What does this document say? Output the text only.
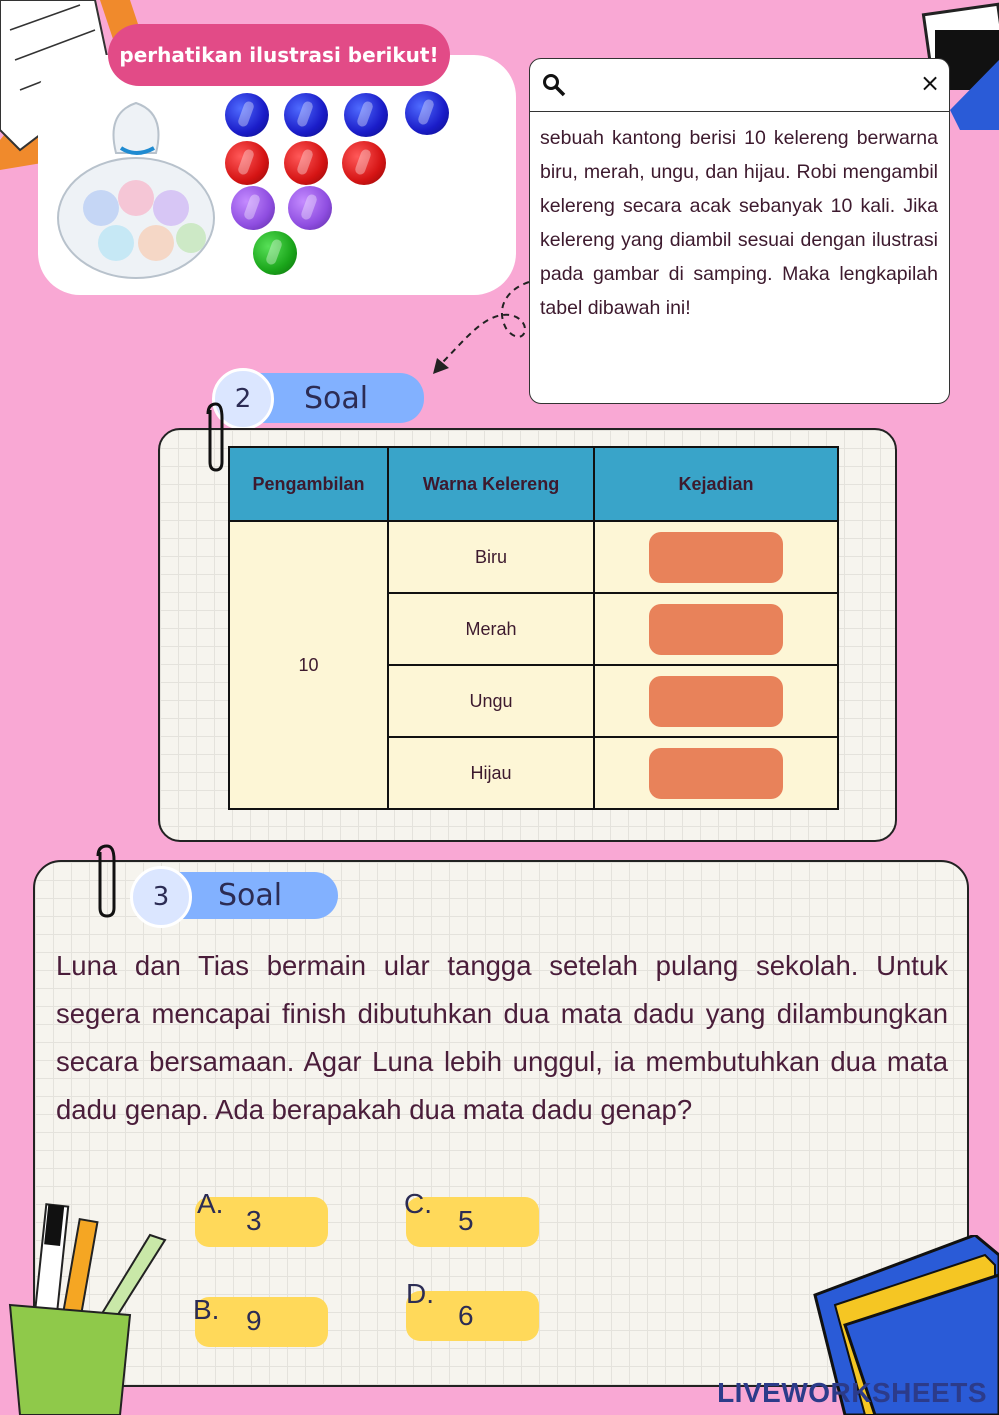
perhatikan ilustrasi berikut!
×
sebuah kantong berisi 10 kelereng berwarna biru, merah, ungu, dan hijau. Robi mengambil kelereng secara acak sebanyak 10 kali. Jika kelereng yang diambil sesuai dengan ilustrasi pada gambar di samping. Maka lengkapilah tabel dibawah ini!
Soal
2
Pengambilan	Warna Kelereng	Kejadian
10	Biru	
	Merah	
	Ungu	
	Hijau	
Soal
3
Luna dan Tias bermain ular tangga setelah pulang sekolah. Untuk segera mencapai finish dibutuhkan dua mata dadu yang dilambungkan secara bersamaan. Agar Luna lebih unggul, ia membutuhkan dua mata dadu genap. Ada berapakah dua mata dadu genap?
A.
3
C.
5
B. 9
D.
6
LIVEWORKSHEETS
